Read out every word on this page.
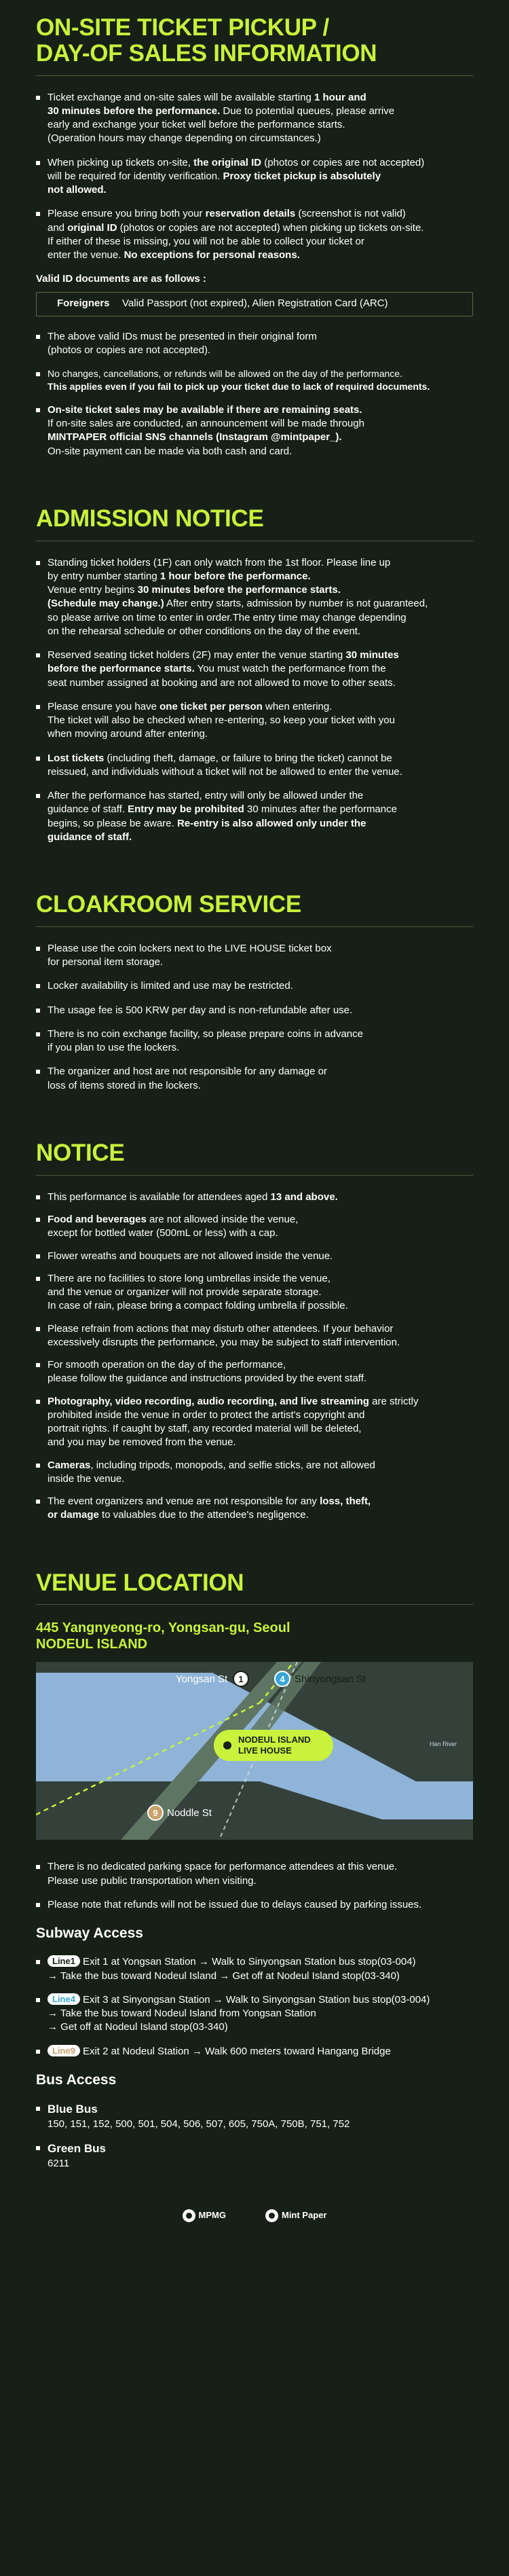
ON-SITE TICKET PICKUP /
DAY-OF SALES INFORMATION
Ticket exchange and on-site sales will be available starting 1 hour and
30 minutes before the performance. Due to potential queues, please arrive
early and exchange your ticket well before the performance starts.
(Operation hours may change depending on circumstances.)
When picking up tickets on-site, the original ID (photos or copies are not accepted)
will be required for identity verification. Proxy ticket pickup is absolutely
not allowed.
Please ensure you bring both your reservation details (screenshot is not valid)
and original ID (photos or copies are not accepted) when picking up tickets on-site.
If either of these is missing, you will not be able to collect your ticket or
enter the venue. No exceptions for personal reasons.
Valid ID documents are as follows :
Foreigners	Valid Passport (not expired), Alien Registration Card (ARC)
The above valid IDs must be presented in their original form
(photos or copies are not accepted).
No changes, cancellations, or refunds will be allowed on the day of the performance.
This applies even if you fail to pick up your ticket due to lack of required documents.
On-site ticket sales may be available if there are remaining seats.
If on-site sales are conducted, an announcement will be made through
MINTPAPER official SNS channels (Instagram @mintpaper_).
On-site payment can be made via both cash and card.
ADMISSION NOTICE
Standing ticket holders (1F) can only watch from the 1st floor. Please line up
by entry number starting 1 hour before the performance.
Venue entry begins 30 minutes before the performance starts.
(Schedule may change.) After entry starts, admission by number is not guaranteed,
so please arrive on time to enter in order.The entry time may change depending
on the rehearsal schedule or other conditions on the day of the event.
Reserved seating ticket holders (2F) may enter the venue starting 30 minutes
before the performance starts. You must watch the performance from the
seat number assigned at booking and are not allowed to move to other seats.
Please ensure you have one ticket per person when entering.
The ticket will also be checked when re-entering, so keep your ticket with you
when moving around after entering.
Lost tickets (including theft, damage, or failure to bring the ticket) cannot be
reissued, and individuals without a ticket will not be allowed to enter the venue.
After the performance has started, entry will only be allowed under the
guidance of staff. Entry may be prohibited 30 minutes after the performance
begins, so please be aware. Re-entry is also allowed only under the
guidance of staff.
CLOAKROOM SERVICE
Please use the coin lockers next to the LIVE HOUSE ticket box
for personal item storage.
Locker availability is limited and use may be restricted.
The usage fee is 500 KRW per day and is non-refundable after use.
There is no coin exchange facility, so please prepare coins in advance
if you plan to use the lockers.
The organizer and host are not responsible for any damage or
loss of items stored in the lockers.
NOTICE
This performance is available for attendees aged 13 and above.
Food and beverages are not allowed inside the venue,
except for bottled water (500mL or less) with a cap.
Flower wreaths and bouquets are not allowed inside the venue.
There are no facilities to store long umbrellas inside the venue,
and the venue or organizer will not provide separate storage.
In case of rain, please bring a compact folding umbrella if possible.
Please refrain from actions that may disturb other attendees. If your behavior
excessively disrupts the performance, you may be subject to staff intervention.
For smooth operation on the day of the performance,
please follow the guidance and instructions provided by the event staff.
Photography, video recording, audio recording, and live streaming are strictly
prohibited inside the venue in order to protect the artist's copyright and
portrait rights. If caught by staff, any recorded material will be deleted,
and you may be removed from the venue.
Cameras, including tripods, monopods, and selfie sticks, are not allowed
inside the venue.
The event organizers and venue are not responsible for any loss, theft,
or damage to valuables due to the attendee's negligence.
VENUE LOCATION
445 Yangnyeong-ro, Yongsan-gu, Seoul
NODEUL ISLAND
NODEUL ISLAND
LIVE HOUSE
Yongsan St 1	4 Shinyongsan St
9 Noddle St
Han River
There is no dedicated parking space for performance attendees at this venue.
Please use public transportation when visiting.
Please note that refunds will not be issued due to delays caused by parking issues.
Subway Access
Line1 Exit 1 at Yongsan Station → Walk to Sinyongsan Station bus stop(03-004)
→ Take the bus toward Nodeul Island → Get off at Nodeul Island stop(03-340)
Line4 Exit 3 at Sinyongsan Station → Walk to Sinyongsan Station bus stop(03-004)
→ Take the bus toward Nodeul Island from Yongsan Station
→ Get off at Nodeul Island stop(03-340)
Line9 Exit 2 at Nodeul Station → Walk 600 meters toward Hangang Bridge
Bus Access
Blue Bus
150, 151, 152, 500, 501, 504, 506, 507, 605, 750A, 750B, 751, 752
Green Bus
6211
MPMG	Mint Paper
